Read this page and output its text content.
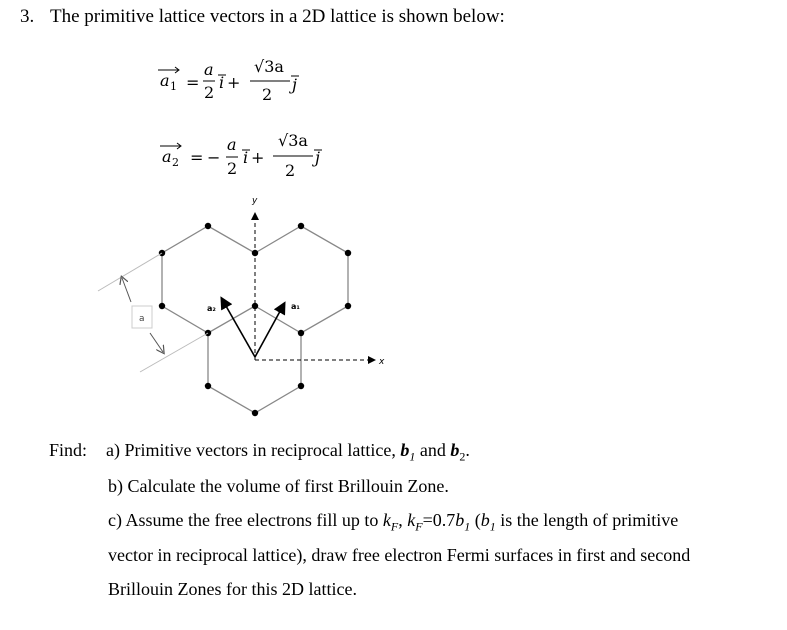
3. The primitive lattice vectors in a 2D lattice is shown below:
a 1 =
a
2
i +
√3a
2
j
a 2 = −
a
2
i +
√3a
2
j
y
x
a₁
a₂
a
Find: a) Primitive vectors in reciprocal lattice, $b_1$ and $b_2$.
b) Calculate the volume of first Brillouin Zone.
c) Assume the free electrons fill up to $k_F$, $k_F=0.7b_1$ ($b_1$ is the length of primitive
vector in reciprocal lattice), draw free electron Fermi surfaces in first and second
Brillouin Zones for this 2D lattice.
